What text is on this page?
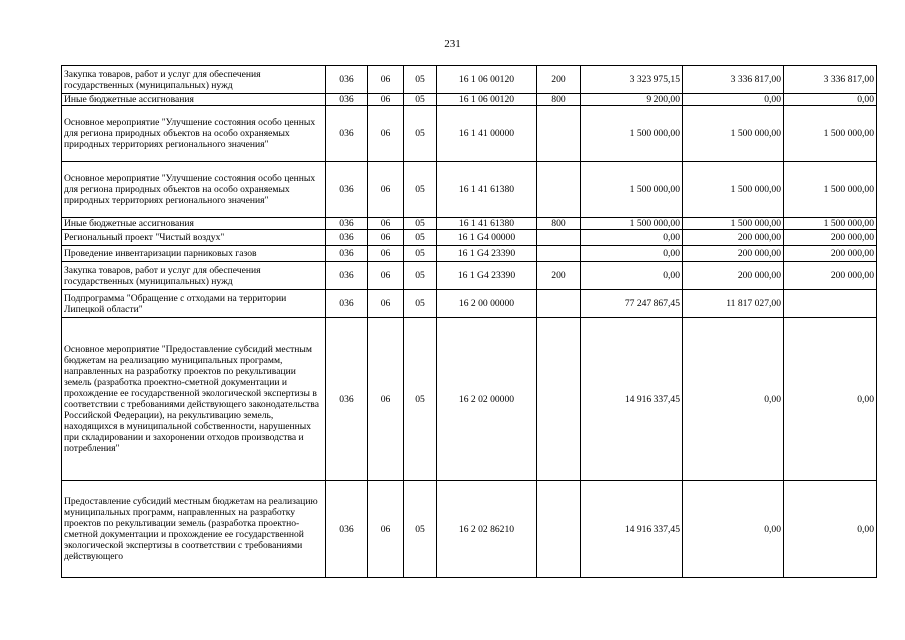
231
Закупка товаров, работ и услуг для обеспечения государственных (муниципальных) нужд	036	06	05	16 1 06 00120	200	3 323 975,15	3 336 817,00	3 336 817,00
Иные бюджетные ассигнования	036	06	05	16 1 06 00120	800	9 200,00	0,00	0,00
Основное мероприятие "Улучшение состояния особо ценных для региона природных объектов на особо охраняемых природных территориях регионального значения"	036	06	05	16 1 41 00000		1 500 000,00	1 500 000,00	1 500 000,00
Основное мероприятие "Улучшение состояния особо ценных для региона природных объектов на особо охраняемых природных территориях регионального значения"	036	06	05	16 1 41 61380		1 500 000,00	1 500 000,00	1 500 000,00
Иные бюджетные ассигнования	036	06	05	16 1 41 61380	800	1 500 000,00	1 500 000,00	1 500 000,00
Региональный проект "Чистый воздух"	036	06	05	16 1 G4 00000		0,00	200 000,00	200 000,00
Проведение инвентаризации парниковых газов	036	06	05	16 1 G4 23390		0,00	200 000,00	200 000,00
Закупка товаров, работ и услуг для обеспечения государственных (муниципальных) нужд	036	06	05	16 1 G4 23390	200	0,00	200 000,00	200 000,00
Подпрограмма "Обращение с отходами на территории Липецкой области"	036	06	05	16 2 00 00000		77 247 867,45	11 817 027,00	
Основное мероприятие "Предоставление субсидий местным бюджетам на реализацию муниципальных программ, направленных на разработку проектов по рекультивации земель (разработка проектно-сметной документации и прохождение ее государственной экологической экспертизы в соответствии с требованиями действующего законодательства Российской Федерации), на рекультивацию земель, находящихся в муниципальной собственности, нарушенных при складировании и захоронении отходов производства и потребления"	036	06	05	16 2 02 00000		14 916 337,45	0,00	0,00
Предоставление субсидий местным бюджетам на реализацию муниципальных программ, направленных на разработку проектов по рекультивации земель (разработка проектно-сметной документации и прохождение ее государственной экологической экспертизы в соответствии с требованиями действующего	036	06	05	16 2 02 86210		14 916 337,45	0,00	0,00
